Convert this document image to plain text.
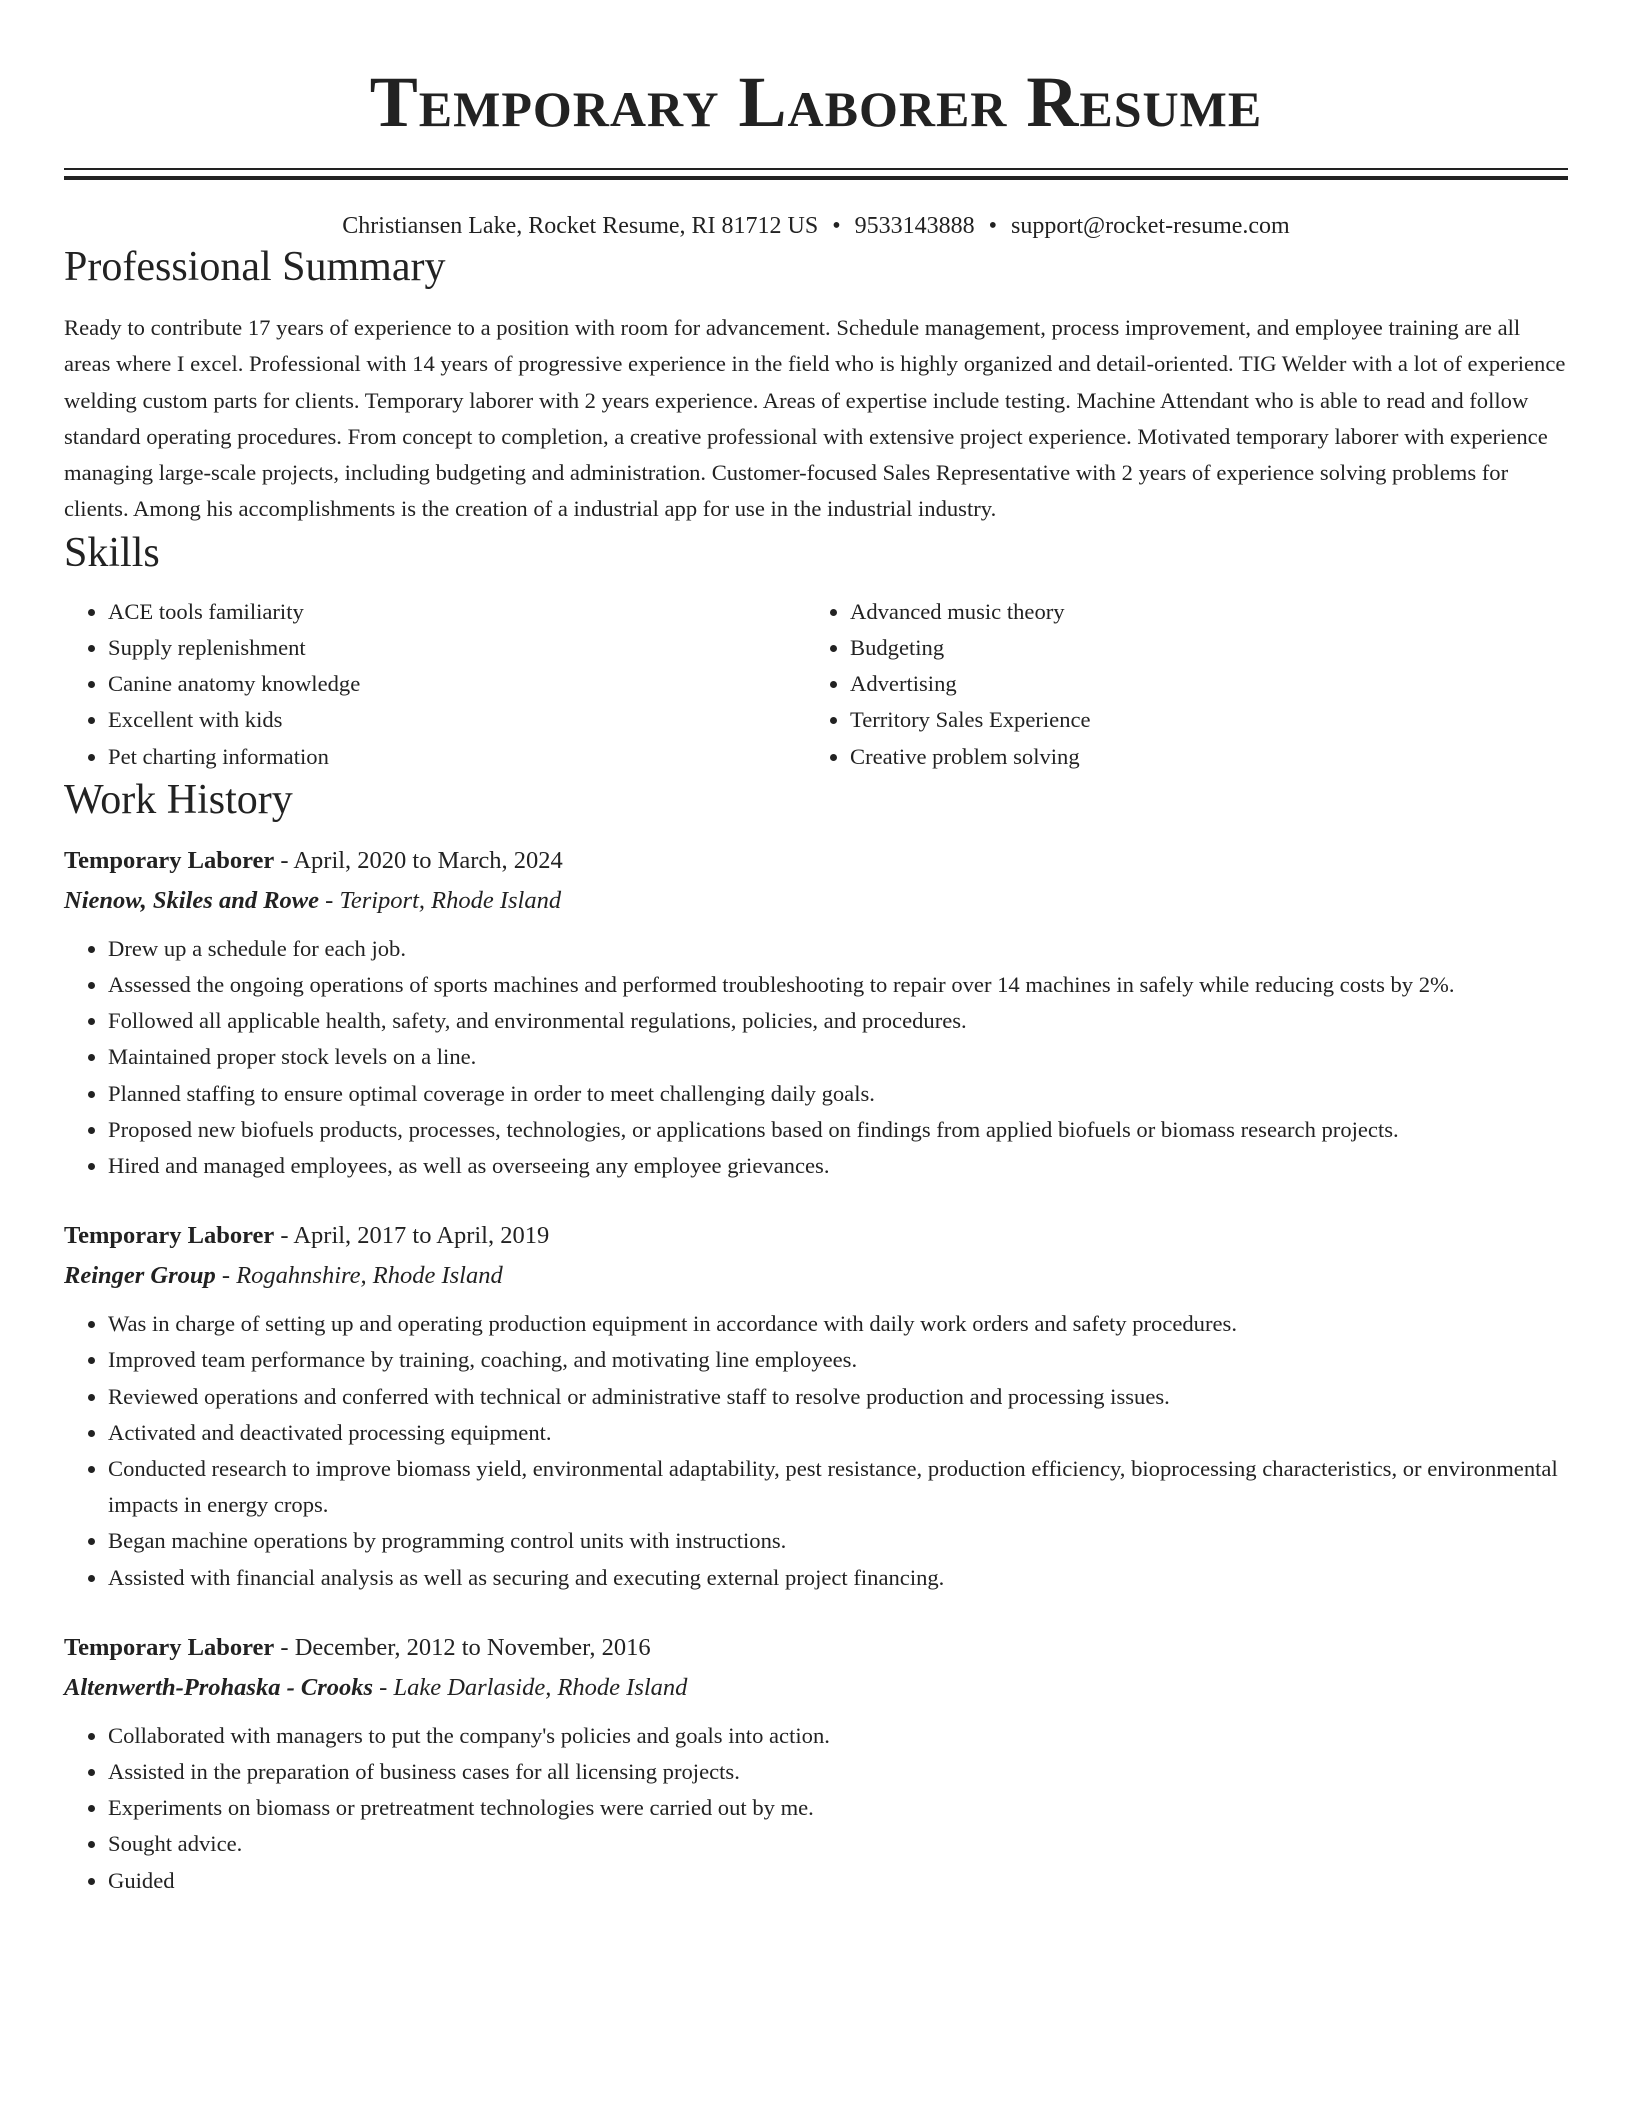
Temporary Laborer Resume
Christiansen Lake, Rocket Resume, RI 81712 US • 9533143888 • support@rocket-resume.com
Professional Summary
Ready to contribute 17 years of experience to a position with room for advancement. Schedule management, process improvement, and employee training are all areas where I excel. Professional with 14 years of progressive experience in the field who is highly organized and detail-oriented. TIG Welder with a lot of experience welding custom parts for clients. Temporary laborer with 2 years experience. Areas of expertise include testing. Machine Attendant who is able to read and follow standard operating procedures. From concept to completion, a creative professional with extensive project experience. Motivated temporary laborer with experience managing large-scale projects, including budgeting and administration. Customer-focused Sales Representative with 2 years of experience solving problems for clients. Among his accomplishments is the creation of a industrial app for use in the industrial industry.
Skills
• ACE tools familiarity
• Supply replenishment
• Canine anatomy knowledge
• Excellent with kids
• Pet charting information
• Advanced music theory
• Budgeting
• Advertising
• Territory Sales Experience
• Creative problem solving
Work History
Temporary Laborer - April, 2020 to March, 2024
Nienow, Skiles and Rowe - Teriport, Rhode Island
• Drew up a schedule for each job.
• Assessed the ongoing operations of sports machines and performed troubleshooting to repair over 14 machines in safely while reducing costs by 2%.
• Followed all applicable health, safety, and environmental regulations, policies, and procedures.
• Maintained proper stock levels on a line.
• Planned staffing to ensure optimal coverage in order to meet challenging daily goals.
• Proposed new biofuels products, processes, technologies, or applications based on findings from applied biofuels or biomass research projects.
• Hired and managed employees, as well as overseeing any employee grievances.
Temporary Laborer - April, 2017 to April, 2019
Reinger Group - Rogahnshire, Rhode Island
• Was in charge of setting up and operating production equipment in accordance with daily work orders and safety procedures.
• Improved team performance by training, coaching, and motivating line employees.
• Reviewed operations and conferred with technical or administrative staff to resolve production and processing issues.
• Activated and deactivated processing equipment.
• Conducted research to improve biomass yield, environmental adaptability, pest resistance, production efficiency, bioprocessing characteristics, or environmental impacts in energy crops.
• Began machine operations by programming control units with instructions.
• Assisted with financial analysis as well as securing and executing external project financing.
Temporary Laborer - December, 2012 to November, 2016
Altenwerth-Prohaska - Crooks - Lake Darlaside, Rhode Island
• Collaborated with managers to put the company's policies and goals into action.
• Assisted in the preparation of business cases for all licensing projects.
• Experiments on biomass or pretreatment technologies were carried out by me.
• Sought advice.
• Guided
